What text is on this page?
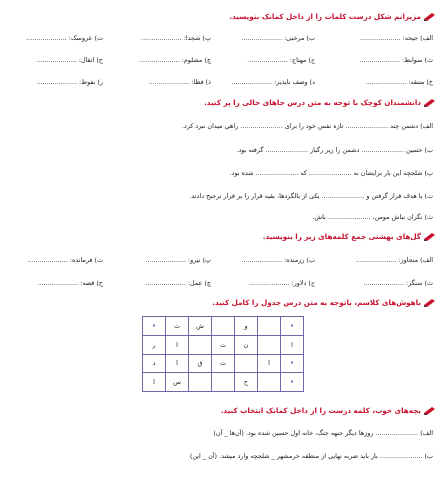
مزیرانم شکل درست کلمات را از داخل کمانک بنویسید.
الف) جیحه: ....................
ب) مرخبی: ....................
پ) شجدا: ....................
ت) عروسک: ....................
ث) سوابط: ....................
ج) مهتاج: ....................
چ) مشلوم: ....................
ح) اتقال: ....................
خ) متنقه: ....................
د) وصف نایذیر: ....................
ذ) فطا: ....................
ر) نفوط: ....................
دانشمندان کوچک با توجه به متن درس جاهای خالی را پر کنید.
الف) دشمن چند ..................... تازه نفس خود را برای ..................... راهی میدان نبرد کرد.
ب) حسین ..................... دشمن را زیر رگبار ..................... گرفته بود.
پ) شلجچه این بار برایشان نه ..................... که ..................... شده بود.
ت) با هدف قرار گرفتن و ..................... یکی از بالگردها، بقیه قرار را بر قرار ترجیح دادند.
ث) نگران نباش مومن، ..................... باش.
گل‌های بهشتی جمع کلمه‌های زیر را بنویسید.
الف) منجاوز: ....................
ب) رزمنده: ....................
پ) نیرو: ....................
ت) فرمانده: ....................
ث) سنگر: ....................
ج) دلاور: ....................
چ) عمل: ....................
ح) قصه: ....................
باهوش‌های کلاسم، باتوجه به متن درس جدول را کامل کنید.
•		و		ش	ت	•
ا		ن	ت		ا	ر
•	ا		ت	ق	ا	د
•		ح			س	ا
بچه‌های خوب، کلمه درست را از داخل کمانک انتخاب کنید.
الف) ..................... روزها دیگر جبهه جنگ، خانه اول حسین شده بود. (آن‌ها _ آن)
ب) ..................... بار باید ضربه نهایی از منطقه خرمشهر _ شلجچه وارد میشد. (آن _ این)
